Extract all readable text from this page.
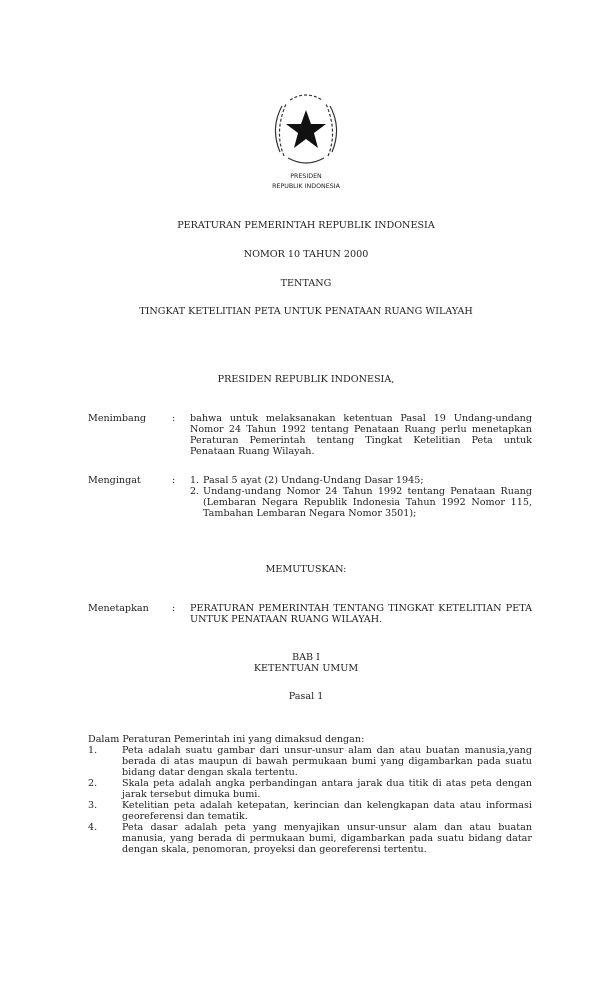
PRESIDEN
REPUBLIK INDONESIA
PERATURAN PEMERINTAH REPUBLIK INDONESIA
NOMOR 10 TAHUN 2000
TENTANG
TINGKAT KETELITIAN PETA UNTUK PENATAAN RUANG WILAYAH
PRESIDEN REPUBLIK INDONESIA,
Menimbang	: bahwa untuk melaksanakan ketentuan Pasal 19 Undang-undang Nomor 24 Tahun 1992 tentang Penataan Ruang perlu menetapkan Peraturan Pemerintah tentang Tingkat Ketelitian Peta untuk Penataan Ruang Wilayah.
Mengingat	: 1. Pasal 5 ayat (2) Undang-Undang Dasar 1945;
2. Undang-undang Nomor 24 Tahun 1992 tentang Penataan Ruang (Lembaran Negara Republik Indonesia Tahun 1992 Nomor 115, Tambahan Lembaran Negara Nomor 3501);
MEMUTUSKAN:
Menetapkan : PERATURAN PEMERINTAH TENTANG TINGKAT KETELITIAN PETA UNTUK PENATAAN RUANG WILAYAH.
BAB I
KETENTUAN UMUM
Pasal 1
Dalam Peraturan Pemerintah ini yang dimaksud dengan:
1.	Peta adalah suatu gambar dari unsur-unsur alam dan atau buatan manusia,yang berada di atas maupun di bawah permukaan bumi yang digambarkan pada suatu bidang datar dengan skala tertentu.
2.	Skala peta adalah angka perbandingan antara jarak dua titik di atas peta dengan jarak tersebut dimuka bumi.
3.	Ketelitian peta adalah ketepatan, kerincian dan kelengkapan data atau informasi georeferensi dan tematik.
4.	Peta dasar adalah peta yang menyajikan unsur-unsur alam dan atau buatan manusia, yang berada di permukaan bumi, digambarkan pada suatu bidang datar dengan skala, penomoran, proyeksi dan georeferensi tertentu.
